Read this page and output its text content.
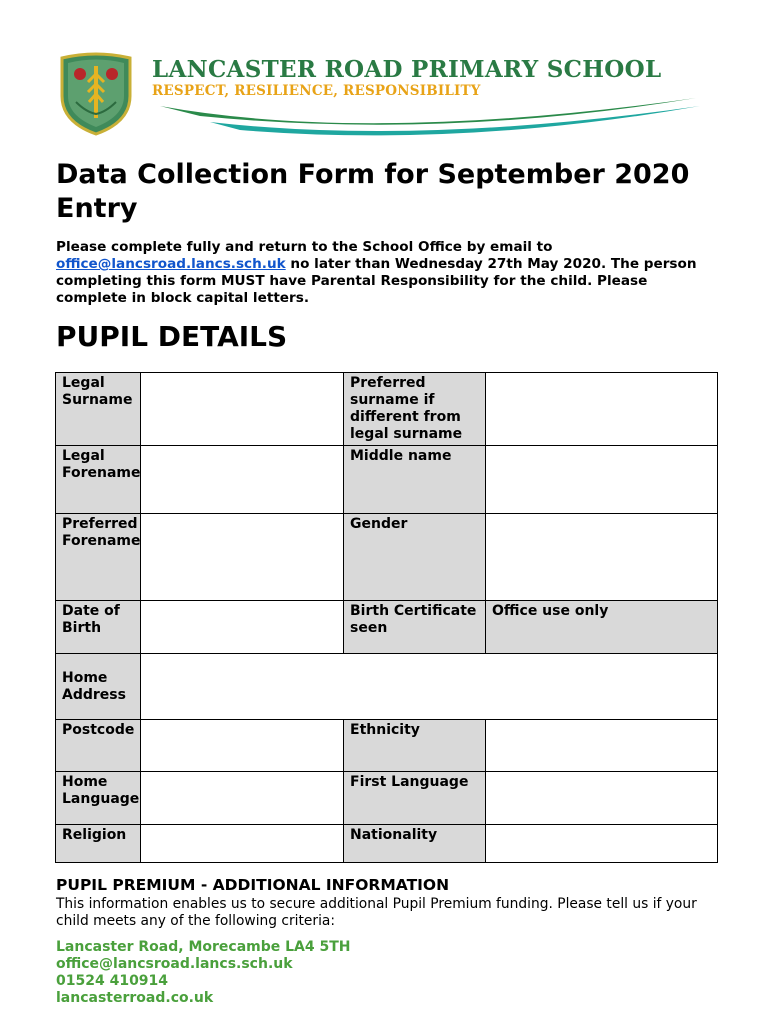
LANCASTER ROAD PRIMARY SCHOOL
RESPECT, RESILIENCE, RESPONSIBILITY
Data Collection Form for September 2020 Entry
Please complete fully and return to the School Office by email to office@lancsroad.lancs.sch.uk no later than Wednesday 27th May 2020. The person completing this form MUST have Parental Responsibility for the child. Please complete in block capital letters.
PUPIL DETAILS
Legal Surname		Preferred surname if different from legal surname	
Legal Forename		Middle name	
Preferred Forename		Gender	
Date of Birth		Birth Certificate seen	Office use only
Home Address			
Postcode		Ethnicity	
Home Language		First Language	
Religion		Nationality	
PUPIL PREMIUM - ADDITIONAL INFORMATION
This information enables us to secure additional Pupil Premium funding. Please tell us if your child meets any of the following criteria:
Lancaster Road, Morecambe LA4 5TH
office@lancsroad.lancs.sch.uk
01524 410914
lancasterroad.co.uk
